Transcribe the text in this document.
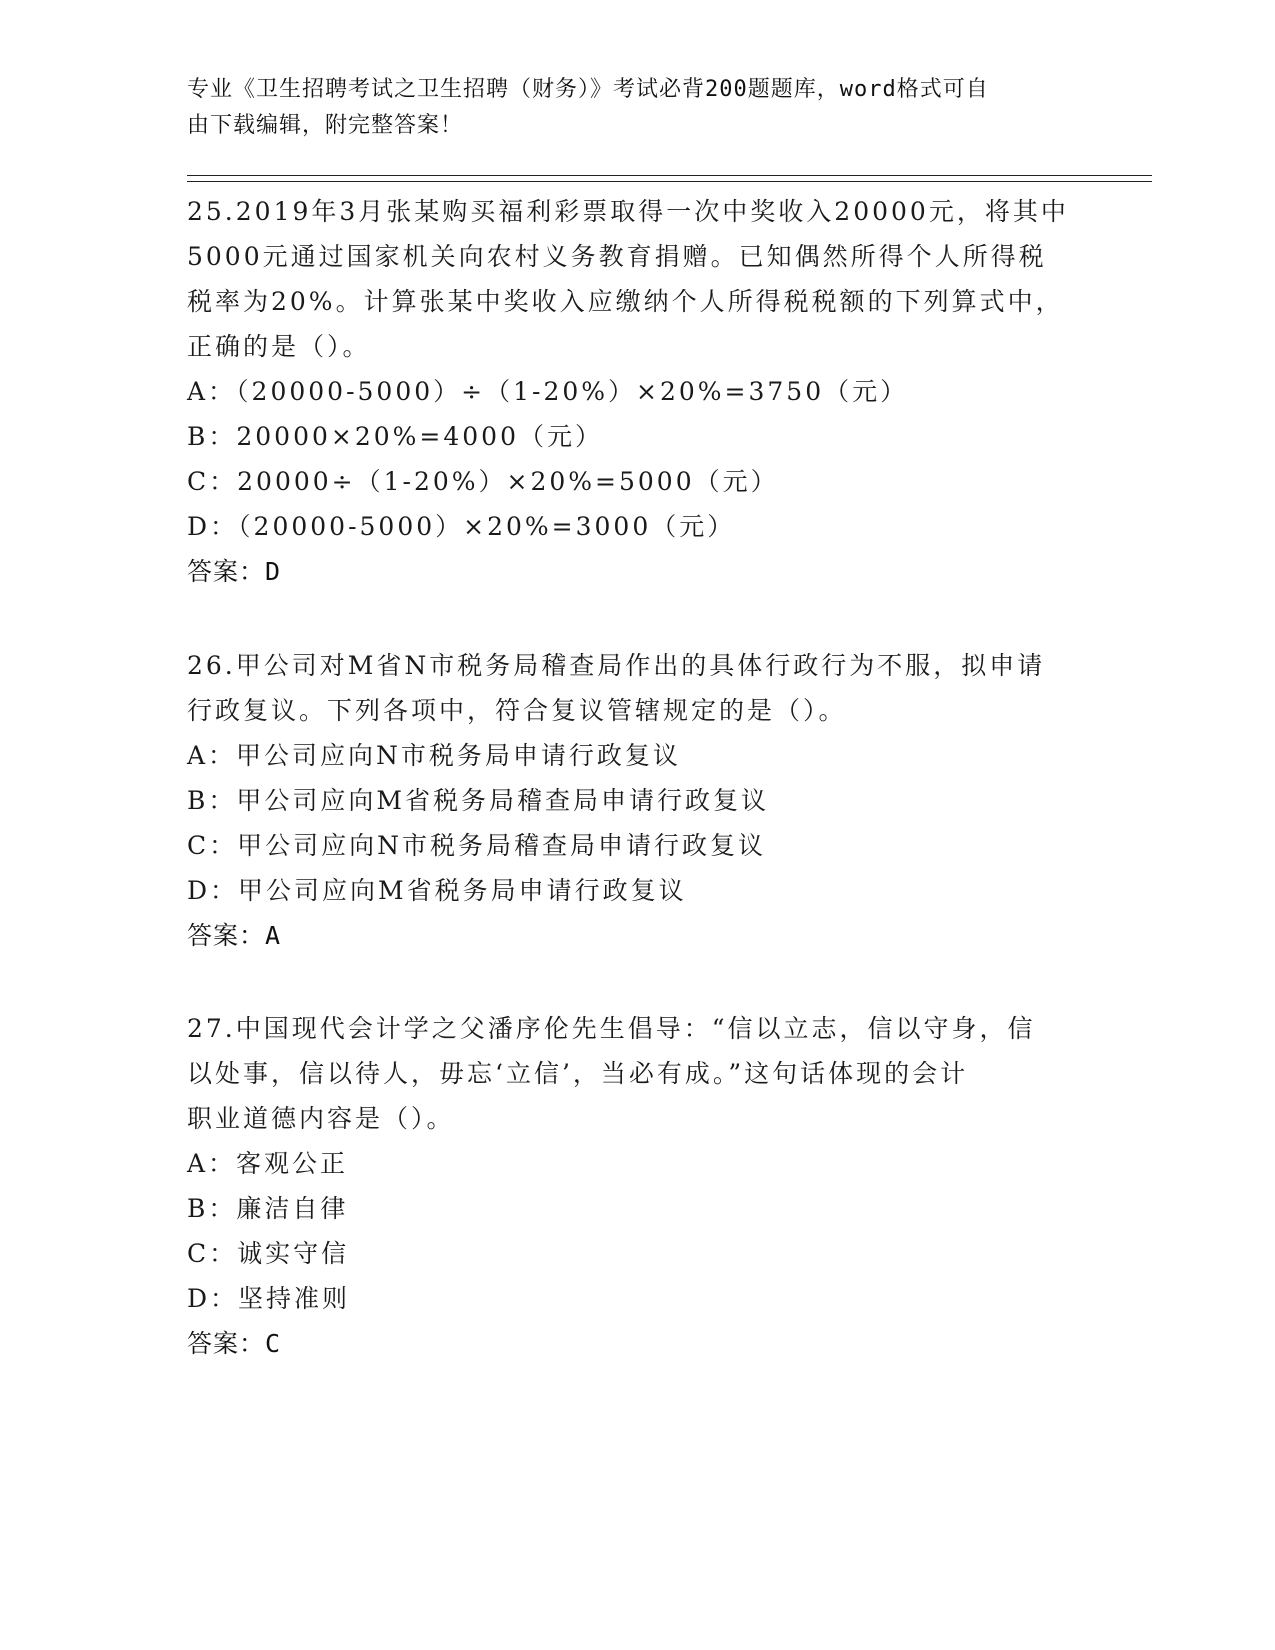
专业《卫生招聘考试之卫生招聘（财务）》考试必背200题题库，word格式可自
由下载编辑，附完整答案！

25.2019年3月张某购买福利彩票取得一次中奖收入20000元，将其中

5000元通过国家机关向农村义务教育捐赠。已知偶然所得个人所得税

税率为20%。计算张某中奖收入应缴纳个人所得税税额的下列算式中，

正确的是（）。

A：（20000-5000）÷（1-20%）×20%=3750（元）

B：20000×20%=4000（元）

C：20000÷（1-20%）×20%=5000（元）

D：（20000-5000）×20%=3000（元）

答案：D

26.甲公司对M省N市税务局稽查局作出的具体行政行为不服，拟申请

行政复议。下列各项中，符合复议管辖规定的是（）。

A：甲公司应向N市税务局申请行政复议

B：甲公司应向M省税务局稽查局申请行政复议

C：甲公司应向N市税务局稽查局申请行政复议

D：甲公司应向M省税务局申请行政复议

答案：A

27.中国现代会计学之父潘序伦先生倡导：“信以立志，信以守身，信

以处事，信以待人，毋忘‘立信’，当必有成。”这句话体现的会计

职业道德内容是（）。

A：客观公正

B：廉洁自律

C：诚实守信

D：坚持准则

答案：C
